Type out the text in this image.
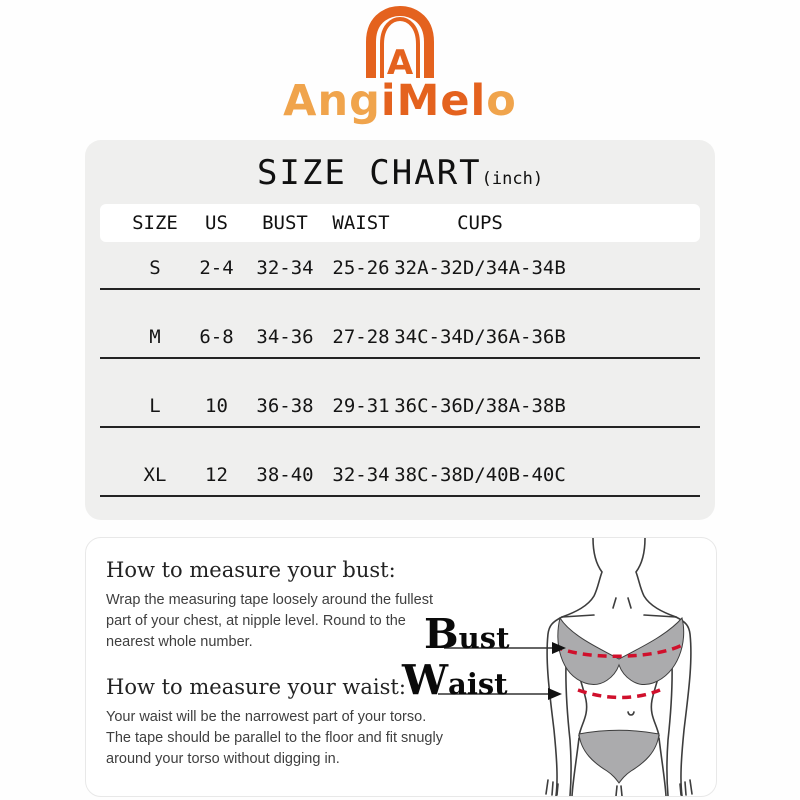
A
AngiMelo
SIZE CHART(inch)
SIZE	US	BUST	WAIST	CUPS
S	2-4	32-34 25-26 32A-32D/34A-34B
M	6-8	34-36 27-28 34C-34D/36A-36B
L	10	36-38 29-31 36C-36D/38A-38B
XL	12	38-40 32-34 38C-38D/40B-40C
How to measure your bust:

Wrap the measuring tape loosely around the fullest part of your chest, at nipple level. Round to the nearest whole number.

How to measure your waist:

Your waist will be the narrowest part of your torso. The tape should be parallel to the floor and fit snugly around your torso without digging in.

Bust
Waist
